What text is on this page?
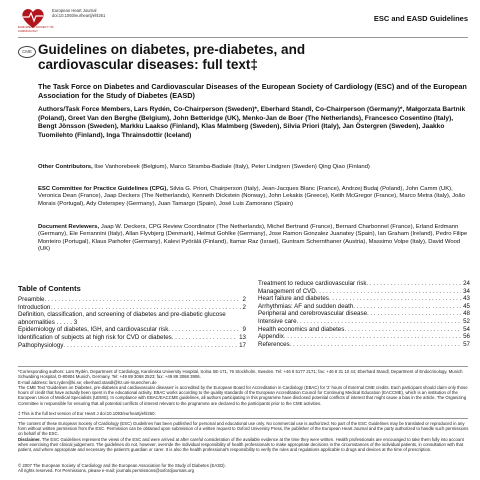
EUROPEAN SOCIETY OF CARDIOLOGY
European Heart Journal
doi:10.1093/eurheartj/ehl261	ESC and EASD Guidelines
CME Guidelines on diabetes, pre-diabetes, and
cardiovascular diseases: full text‡
The Task Force on Diabetes and Cardiovascular Diseases of the European Society of Cardiology (ESC) and of the European Association for the Study of Diabetes (EASD)
Authors/Task Force Members, Lars Rydén, Co-Chairperson (Sweden)*, Eberhard Standl, Co-Chairperson (Germany)*, Małgorzata Bartnik (Poland), Greet Van den Berghe (Belgium), John Betteridge (UK), Menko-Jan de Boer (The Netherlands), Francesco Cosentino (Italy), Bengt Jönsson (Sweden), Markku Laakso (Finland), Klas Malmberg (Sweden), Silvia Priori (Italy), Jan Östergren (Sweden), Jaakko Tuomilehto (Finland), Inga Thrainsdottir (Iceland)
Other Contributors, Ilse Vanhorebeek (Belgium), Marco Stramba-Badiale (Italy), Peter Lindgren (Sweden) Qing Qiao (Finland)
ESC Committee for Practice Guidelines (CPG), Silvia G. Priori, Chairperson (Italy), Jean-Jacques Blanc (France), Andrzej Budaj (Poland), John Camm (UK), Veronica Dean (France), Jaap Deckers (The Netherlands), Kenneth Dickstein (Norway), John Lekakis (Greece), Keith McGregor (France), Marco Metra (Italy), João Morais (Portugal), Ady Osterspey (Germany), Juan Tamargo (Spain), José Luis Zamorano (Spain)
Document Reviewers, Jaap W. Deckers, CPG Review Coordinator (The Netherlands), Michel Bertrand (France), Bernard Charbonnel (France), Erland Erdmann (Germany), Ele Ferrannini (Italy), Allan Flyvbjerg (Denmark), Helmut Gohlke (Germany), Jose Ramon Gonzalez Juanatey (Spain), Ian Graham (Ireland), Pedro Filipe Monteiro (Portugal), Klaus Parhofer (Germany), Kalevi Pyörälä (Finland), Itamar Raz (Israel), Guntram Schernthaner (Austria), Massimo Volpe (Italy), David Wood (UK)
Table of Contents
Preamble . . .	2
Introduction . . .	2
Definition, classification, and screening of diabetes and pre-diabetic glucose abnormalities . . . . . 3
Epidemiology of diabetes, IGH, and cardiovascular risk . . .	9
Identification of subjects at high risk for CVD or diabetes . . .	13
Pathophysiology . . .	17
Treatment to reduce cardiovascular risk . . .	24
Management of CVD . . .	34
Heart failure and diabetes . . .	43
Arrhythmias: AF and sudden death . . .	45
Peripheral and cerebrovascular disease . . .	48
Intensive care . . .	52
Health economics and diabetes . . .	54
Appendix . . .	56
References . . .	57
*Corresponding authors: Lars Rydén, Department of Cardiology, Karolinska University Hospital, Solna SE-171, 76 Stockholm, Sweden. Tel: +46 8 5177 2171; fax: +46 8 31 10 44; Eberhard Standl, Department of Endocrinology, Munich Schwabing Hospital, D-80804 Munich, Germany. Tel: +49 89 3068 2523; fax: +49 89 3068 3906.
E-mail address: lars.ryden@ki.se; eberhard.standl@lrz.uni-muenchen.de
The CME Text 'Guidelines on Diabetes, pre-diabetes and cardiovascular diseases' is accredited by the European Board for Accreditation in Cardiology (EBAC) for '2' hours of External CME credits. Each participant should claim only those hours of credit that have actually been spent in the educational activity. EBAC works according to the quality standards of the European Accreditation Council for Continuing Medical Education (EACCME), which is an institution of the European Union of Medical Specialists (UEMS). In compliance with EBAC/EACCME guidelines, all authors participating in this programme have disclosed potential conflicts of interest that might cause a bias in the article. The Organizing Committee is responsible for ensuring that all potential conflicts of interest relevant to the programme are declared to the participants prior to the CME activities.
‡ This is the full text version of Eur Heart J doi:10.1093/eurheartj/ehl260.
The content of these European Society of Cardiology (ESC) Guidelines has been published for personal and educational use only. No commercial use is authorized. No part of the ESC Guidelines may be translated or reproduced in any form without written permission from the ESC. Permission can be obtained upon submission of a written request to Oxford University Press, the publisher of the European Heart Journal and the party authorized to handle such permissions on behalf of the ESC.
Disclaimer. The ESC Guidelines represent the views of the ESC and were arrived at after careful consideration of the available evidence at the time they were written. Health professionals are encouraged to take them fully into account when exercising their clinical judgement. The guidelines do not, however, override the individual responsibility of health professionals to make appropriate decisions in the circumstances of the individual patients, in consultation with that patient, and where appropriate and necessary the patient's guardian or carer. It is also the health professional's responsibility to verify the rules and regulations applicable to drugs and devices at the time of prescription.
© 2007 The European Society of Cardiology and the European Association for the Study of Diabetes (EASD).
All rights reserved. For Permissions, please e-mail: journals.permissions@oxfordjournals.org
